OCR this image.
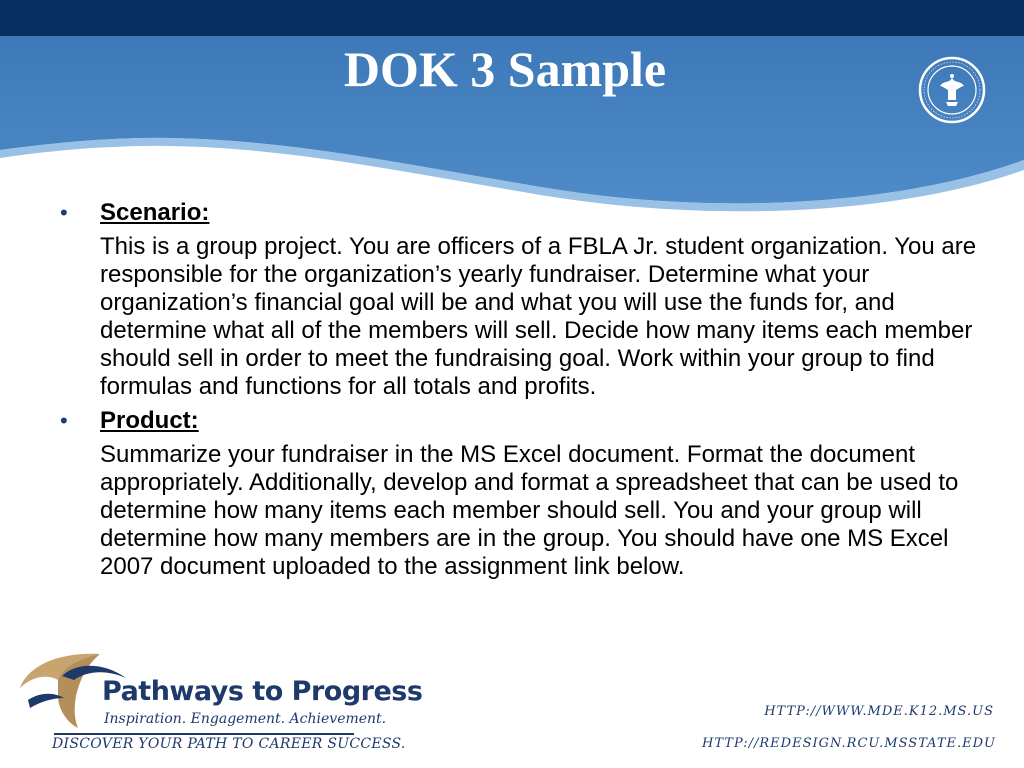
DOK 3 Sample
•	Scenario:
This is a group project. You are officers of a FBLA Jr. student organization. You are responsible for the organization’s yearly fundraiser. Determine what your organization’s financial goal will be and what you will use the funds for, and determine what all of the members will sell. Decide how many items each member should sell in order to meet the fundraising goal. Work within your group to find formulas and functions for all totals and profits.
•	Product:
Summarize your fundraiser in the MS Excel document. Format the document appropriately. Additionally, develop and format a spreadsheet that can be used to determine how many items each member should sell. You and your group will determine how many members are in the group. You should have one MS Excel 2007 document uploaded to the assignment link below.
Pathways to Progress
Inspiration. Engagement. Achievement.
DISCOVER YOUR PATH TO CAREER SUCCESS.
HTTP://WWW.MDE.K12.MS.US
HTTP://REDESIGN.RCU.MSSTATE.EDU
